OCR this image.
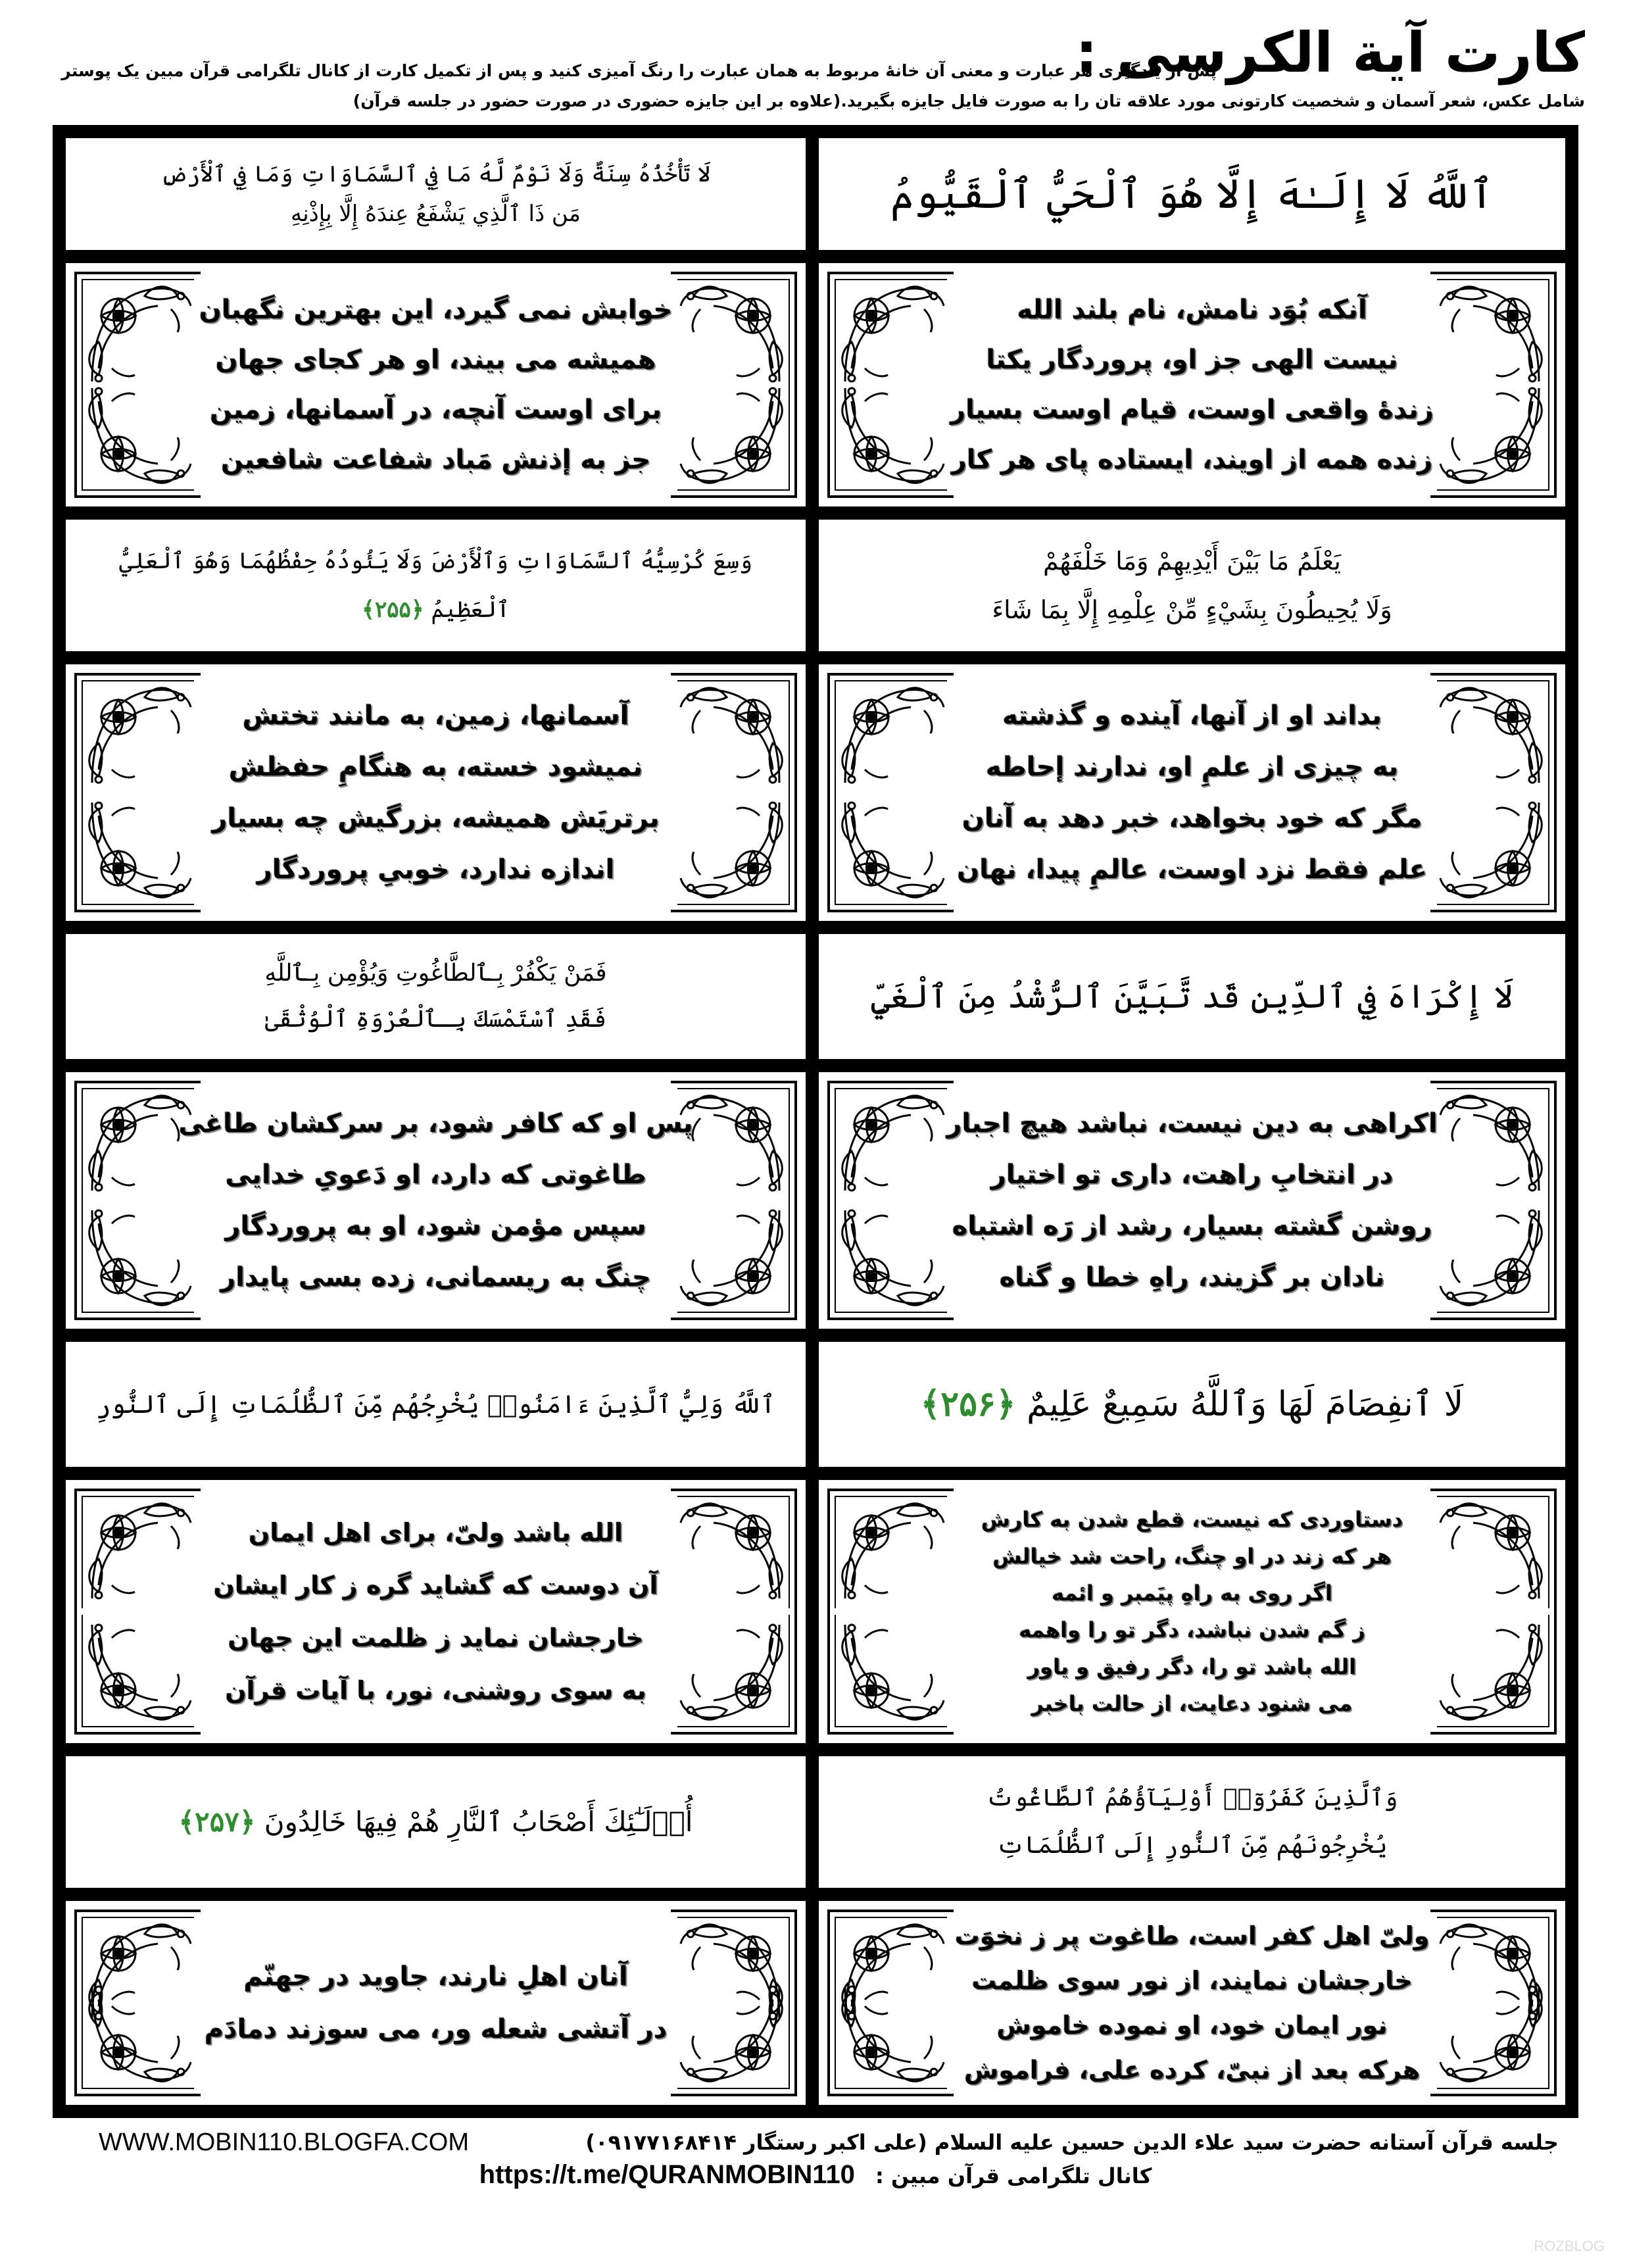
کارت آیة الکرسی :
پس از یادگیری هر عبارت و معنی آن خانهٔ مربوط به همان عبارت را رنگ آمیزی کنید و پس از تکمیل کارت از کانال تلگرامی قرآن مبین یک پوستر
شامل عکس، شعر آسمان و شخصیت کارتونی مورد علاقه تان را به صورت فایل جایزه بگیرید.(علاوه بر این جایزه حضوری در صورت حضور در جلسه قرآن)
ٱللَّهُ لَا إِلَـٰهَ إِلَّا هُوَ ٱلْحَيُّ ٱلْقَيُّومُ
لَا تَأْخُذُهُ سِنَةٌ وَلَا نَوْمٌ لَّهُ مَا فِي ٱلسَّمَاوَاتِ وَمَا فِي ٱلْأَرْضِ
مَن ذَا ٱلَّذِي يَشْفَعُ عِندَهُ إِلَّا بِإِذْنِهِ
آنکه بُوَد نامش، نام بلند الله
نیست الهی جز او، پروردگار یکتا
زندهٔ واقعی اوست، قیام اوست بسیار
زنده همه از اویند، ایستاده پای هر کار
خوابش نمی گیرد، این بهترین نگهبان
همیشه می بیند، او هر کجای جهان
برای اوست آنچه، در آسمانها، زمین
جز به إذنش مَباد شفاعت شافعین
يَعْلَمُ مَا بَيْنَ أَيْدِيهِمْ وَمَا خَلْفَهُمْ
وَلَا يُحِيطُونَ بِشَيْءٍ مِّنْ عِلْمِهِ إِلَّا بِمَا شَاءَ
وَسِعَ كُرْسِيُّهُ ٱلسَّمَاوَاتِ وَٱلْأَرْضَ وَلَا يَئُودُهُ حِفْظُهُمَا وَهُوَ ٱلْعَلِيُّ
ٱلْعَظِيمُ ﴿۲۵۵﴾
بداند او از آنها، آینده و گذشته
به چیزی از علمِ او، ندارند إحاطه
مگر که خود بخواهد، خبر دهد به آنان
علم فقط نزد اوست، عالمِ پیدا، نهان
آسمانها، زمین، به مانند تختش
نمیشود خسته، به هنگامِ حفظش
برتریَش همیشه، بزرگیش چه بسیار
اندازه ندارد، خوبیِ پروردگار
لَا إِكْرَاهَ فِي ٱلدِّينِ قَد تَّبَيَّنَ ٱلرُّشْدُ مِنَ ٱلْغَيِّ
فَمَنْ يَكْفُرْ بِـٱلطَّاغُوتِ وَيُؤْمِن بِـٱللَّهِ
فَقَدِ ٱسْتَمْسَكَ بِـٱلْعُرْوَةِ ٱلْوُثْقَىٰ
اکراهی به دین نیست، نباشد هیچ اجبار
در انتخابِ راهت، داری تو اختیار
روشن گشته بسیار، رشد از رَه اشتباه
نادان بر گزیند، راهِ خطا و گناه
پس او که کافر شود، بر سرکشان طاغی
طاغوتی که دارد، او دَعویِ خدایی
سپس مؤمن شود، او به پروردگار
چنگ به ریسمانی، زده بسی پایدار
لَا ٱنفِصَامَ لَهَا وَٱللَّهُ سَمِيعٌ عَلِيمٌ ﴿۲۵۶﴾
ٱللَّهُ وَلِيُّ ٱلَّذِينَ ءَامَنُوا۟ يُخْرِجُهُم مِّنَ ٱلظُّلُمَاتِ إِلَى ٱلنُّورِ
دستاوردی که نیست، قطع شدن به کارش
هر که زند در او چنگ، راحت شد خیالش
اگر روی به راهِ پیَمبر و ائمه
ز گم شدن نباشد، دگر تو را واهمه
الله باشد تو را، دگر رفیق و یاور
می شنود دعایت، از حالت باخبر
الله باشد ولیّ، برای اهل ایمان
آن دوست که گشاید گره ز کار ایشان
خارجشان نماید ز ظلمت این جهان
به سوی روشنی، نور، با آیات قرآن
وَٱلَّذِينَ كَفَرُوٓا۟ أَوْلِيَآؤُهُمُ ٱلطَّاغُوتُ
يُخْرِجُونَهُم مِّنَ ٱلنُّورِ إِلَى ٱلظُّلُمَاتِ
أُو۟لَـٰٓئِكَ أَصْحَابُ ٱلنَّارِ هُمْ فِيهَا خَالِدُونَ ﴿۲۵۷﴾
ولیّ اهل کفر است، طاغوت پر ز نخوَت
خارجشان نمایند، از نور سوی ظلمت
نور ایمان خود، او نموده خاموش
هرکه بعد از نبیّ، کرده علی، فراموش
آنان اهلِ نارند، جاوید در جهنّم
در آتشی شعله ور، می سوزند دمادَم
WWW.MOBIN110.BLOGFA.COM	جلسه قرآن آستانه حضرت سید علاء الدین حسین علیه السلام (علی اکبر رستگار ۰۹۱۷۷۱۶۸۴۱۴)
https://t.me/QURANMOBIN110 کانال تلگرامی قرآن مبین :
ROZBLOG
